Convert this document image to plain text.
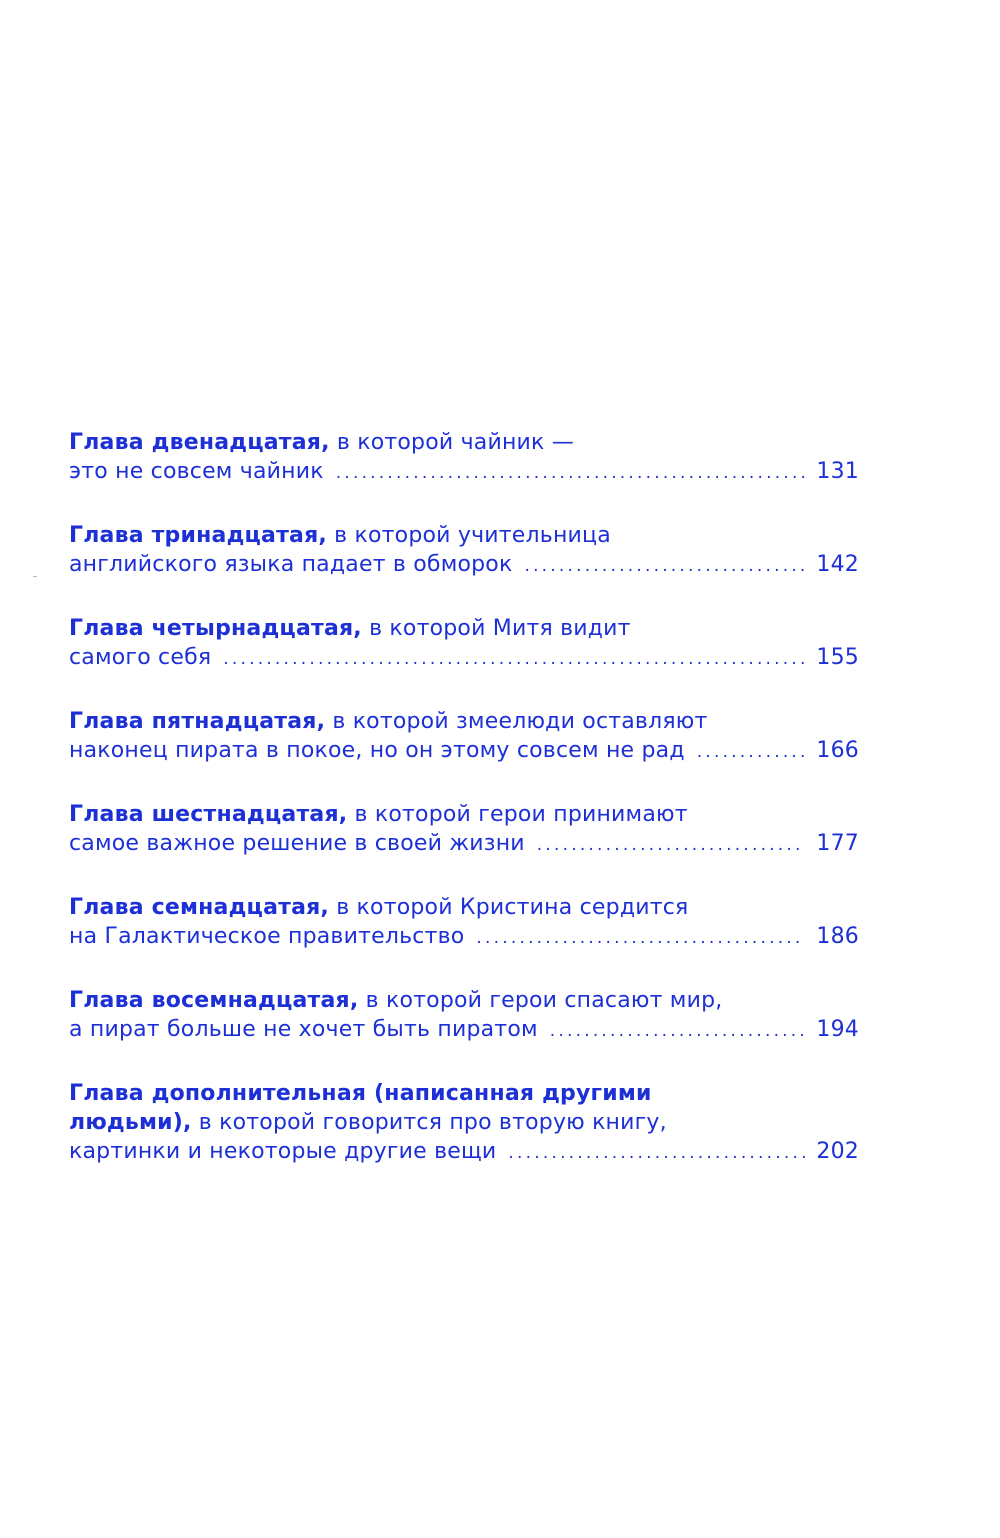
Глава двенадцатая, в которой чайник —
это не совсем чайник . . .	131
Глава тринадцатая, в которой учительница
английского языка падает в обморок . . .	142
Глава четырнадцатая, в которой Митя видит
самого себя . . .	155
Глава пятнадцатая, в которой змеелюди оставляют
наконец пирата в покое, но он этому совсем не рад . . .	166
Глава шестнадцатая, в которой герои принимают
самое важное решение в своей жизни . . .	177
Глава семнадцатая, в которой Кристина сердится
на Галактическое правительство . . .	186
Глава восемнадцатая, в которой герои спасают мир,
а пират больше не хочет быть пиратом . . .	194
Глава дополнительная (написанная другими
людьми), в которой говорится про вторую книгу,
картинки и некоторые другие вещи . . .	202
